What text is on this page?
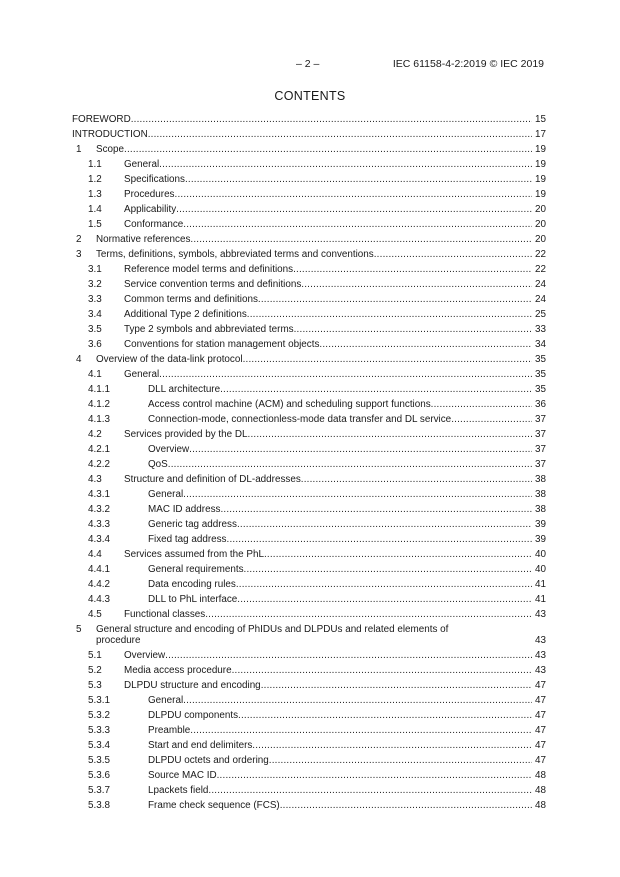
– 2 –	IEC 61158-4-2:2019 © IEC 2019
CONTENTS
FOREWORD .....	15
INTRODUCTION .....	17
1 Scope .....	19
1.1 General .....	19
1.2 Specifications .....	19
1.3 Procedures .....	19
1.4 Applicability .....	20
1.5 Conformance .....	20
2 Normative references .....	20
3 Terms, definitions, symbols, abbreviated terms and conventions .....	22
3.1 Reference model terms and definitions .....	22
3.2 Service convention terms and definitions .....	24
3.3 Common terms and definitions .....	24
3.4 Additional Type 2 definitions .....	25
3.5 Type 2 symbols and abbreviated terms .....	33
3.6 Conventions for station management objects .....	34
4 Overview of the data-link protocol .....	35
4.1 General .....	35
4.1.1	DLL architecture .....	35
4.1.2	Access control machine (ACM) and scheduling support functions .....	36
4.1.3	Connection-mode, connectionless-mode data transfer and DL service .....	37
4.2 Services provided by the DL .....	37
4.2.1	Overview .....	37
4.2.2	QoS .....	37
4.3 Structure and definition of DL-addresses .....	38
4.3.1	General .....	38
4.3.2	MAC ID address .....	38
4.3.3	Generic tag address .....	39
4.3.4	Fixed tag address .....	39
4.4 Services assumed from the PhL .....	40
4.4.1	General requirements .....	40
4.4.2	Data encoding rules .....	41
4.4.3	DLL to PhL interface .....	41
4.5 Functional classes .....	43
5 General structure and encoding of PhIDUs and DLPDUs and related elements of
procedure	43
5.1 Overview .....	43
5.2 Media access procedure .....	43
5.3 DLPDU structure and encoding .....	47
5.3.1	General .....	47
5.3.2	DLPDU components .....	47
5.3.3	Preamble .....	47
5.3.4	Start and end delimiters .....	47
5.3.5	DLPDU octets and ordering .....	47
5.3.6	Source MAC ID .....	48
5.3.7	Lpackets field .....	48
5.3.8	Frame check sequence (FCS) .....	48
